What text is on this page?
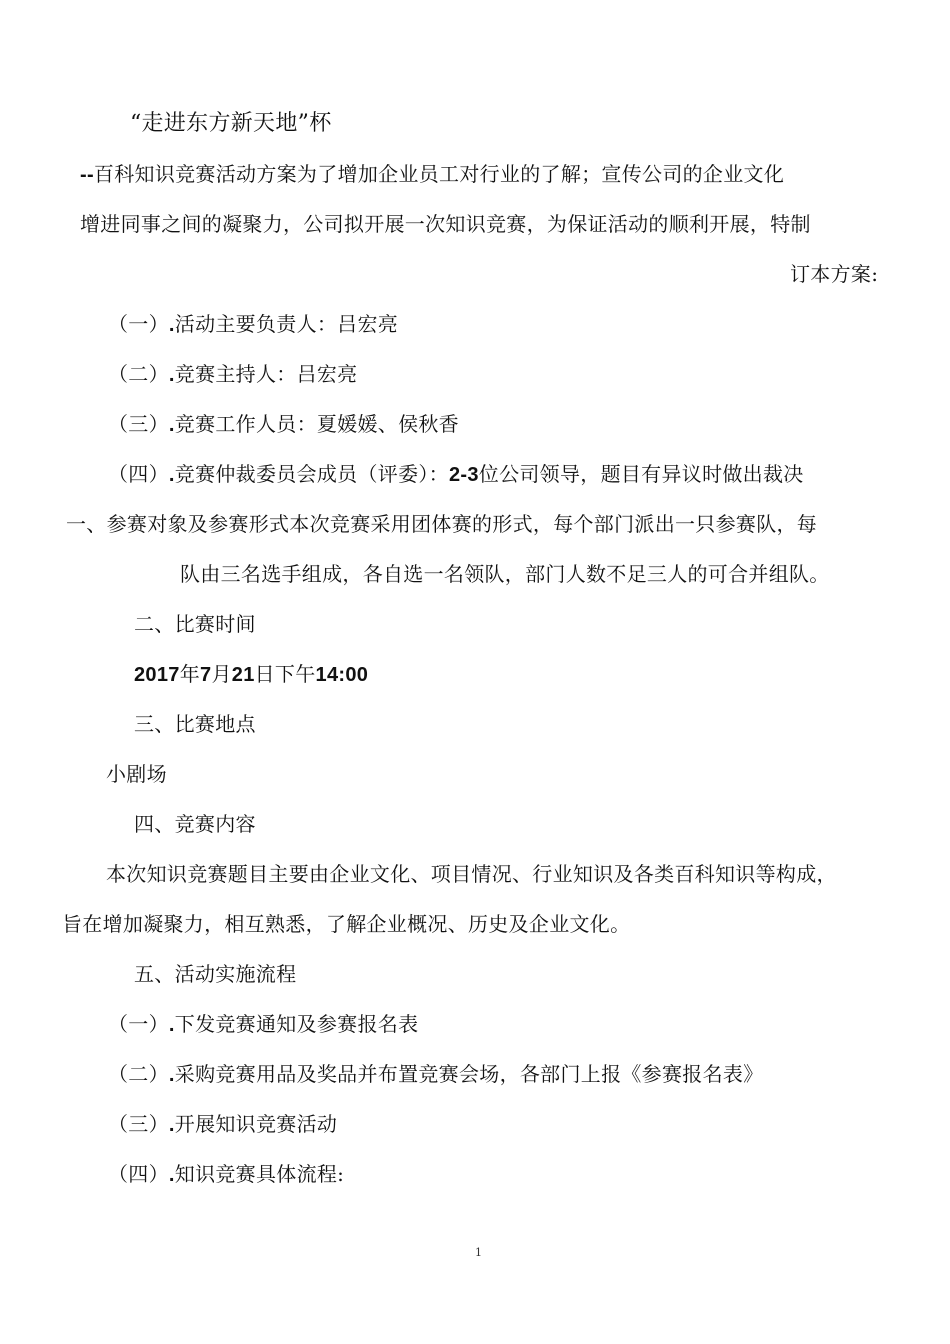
“走进东方新天地”杯
--百科知识竞赛活动方案为了增加企业员工对行业的了解；宣传公司的企业文化
增进同事之间的凝聚力，公司拟开展一次知识竞赛，为保证活动的顺利开展，特制
订本方案:
（一）.活动主要负责人：吕宏亮
（二）.竞赛主持人：吕宏亮
（三）.竞赛工作人员：夏媛媛、侯秋香
（四）.竞赛仲裁委员会成员（评委）：2-3位公司领导，题目有异议时做出裁决
一、参赛对象及参赛形式本次竞赛采用团体赛的形式，每个部门派出一只参赛队，每
队由三名选手组成，各自选一名领队，部门人数不足三人的可合并组队。
二、比赛时间
2017年7月21日下午14:00
三、比赛地点
小剧场
四、竞赛内容
本次知识竞赛题目主要由企业文化、项目情况、行业知识及各类百科知识等构成，
旨在增加凝聚力，相互熟悉，了解企业概况、历史及企业文化。
五、活动实施流程
（一）.下发竞赛通知及参赛报名表
（二）.采购竞赛用品及奖品并布置竞赛会场，各部门上报《参赛报名表》
（三）.开展知识竞赛活动
（四）.知识竞赛具体流程:
1
